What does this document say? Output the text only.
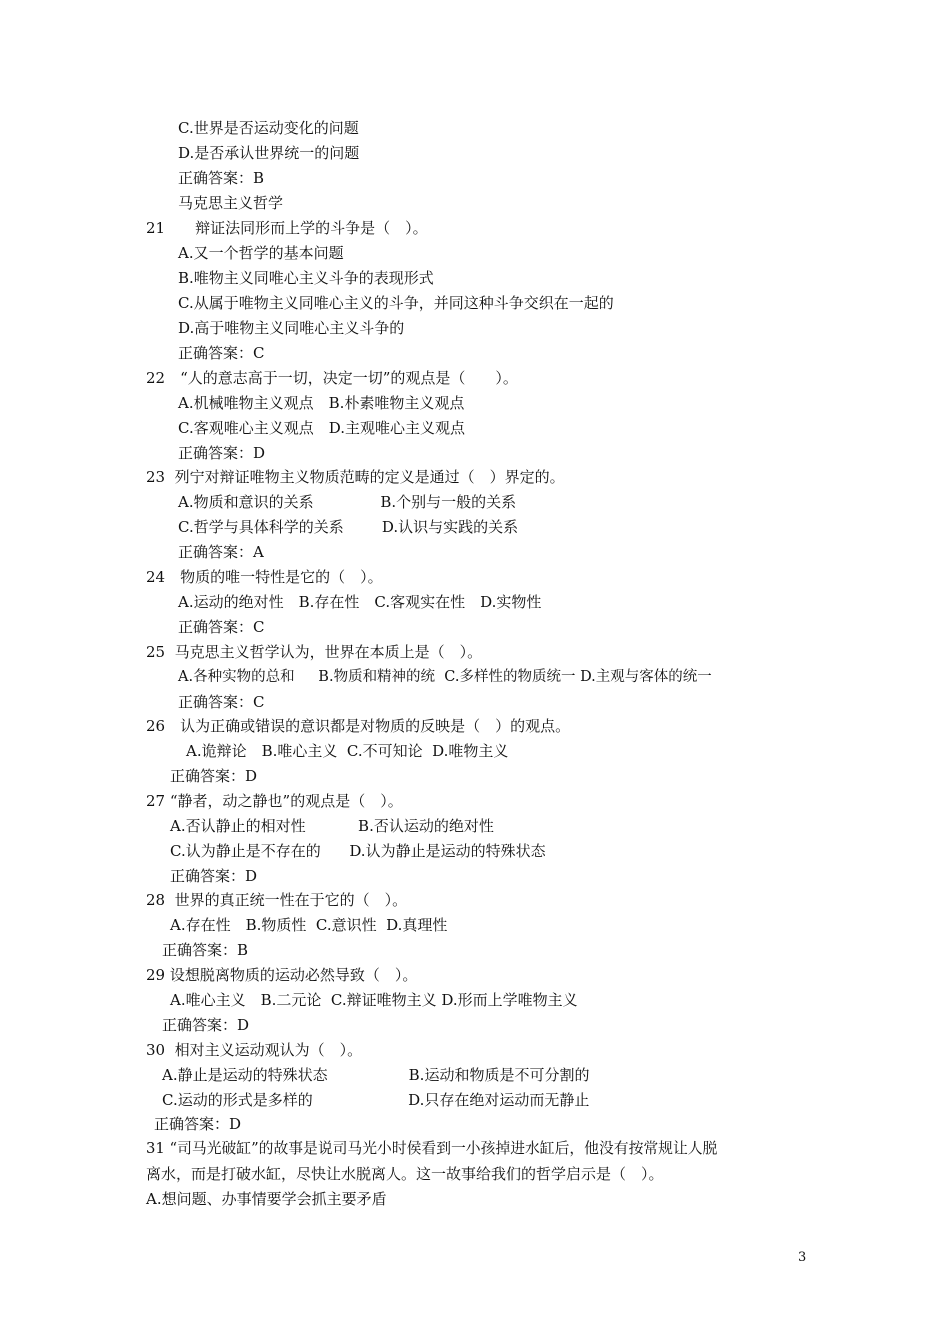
C.世界是否运动变化的问题
D.是否承认世界统一的问题
正确答案：B
马克思主义哲学
21　　辩证法同形而上学的斗争是（　）。
A.又一个哲学的基本问题
B.唯物主义同唯心主义斗争的表现形式
C.从属于唯物主义同唯心主义的斗争，并同这种斗争交织在一起的
D.高于唯物主义同唯心主义斗争的
正确答案：C
22　“人的意志高于一切，决定一切”的观点是（　　）。
A.机械唯物主义观点　B.朴素唯物主义观点
C.客观唯心主义观点　D.主观唯心主义观点
正确答案：D
23  列宁对辩证唯物主义物质范畴的定义是通过（　）界定的。
A.物质和意识的关系              B.个别与一般的关系
C.哲学与具体科学的关系        D.认识与实践的关系
正确答案：A
24　物质的唯一特性是它的（　）。
A.运动的绝对性　B.存在性　C.客观实在性　D.实物性
正确答案：C
25  马克思主义哲学认为，世界在本质上是（　）。
A.各种实物的总和　  B.物质和精神的统  C.多样性的物质统一 D.主观与客体的统一
正确答案：C
26　认为正确或错误的意识都是对物质的反映是（　）的观点。
A.诡辩论　B.唯心主义  C.不可知论  D.唯物主义
正确答案：D
27 “静者，动之静也”的观点是（　）。
A.否认静止的相对性           B.否认运动的绝对性
C.认为静止是不存在的      D.认为静止是运动的特殊状态
正确答案：D
28  世界的真正统一性在于它的（　）。
A.存在性　B.物质性  C.意识性  D.真理性
正确答案：B
29 设想脱离物质的运动必然导致（　）。
A.唯心主义　B.二元论  C.辩证唯物主义 D.形而上学唯物主义
正确答案：D
30  相对主义运动观认为（　）。
A.静止是运动的特殊状态                 B.运动和物质是不可分割的
C.运动的形式是多样的                    D.只存在绝对运动而无静止
正确答案：D
31 “司马光破缸”的故事是说司马光小时侯看到一小孩掉进水缸后，他没有按常规让人脱
离水，而是打破水缸，尽快让水脱离人。这一故事给我们的哲学启示是（　）。
A.想问题、办事情要学会抓主要矛盾
3
